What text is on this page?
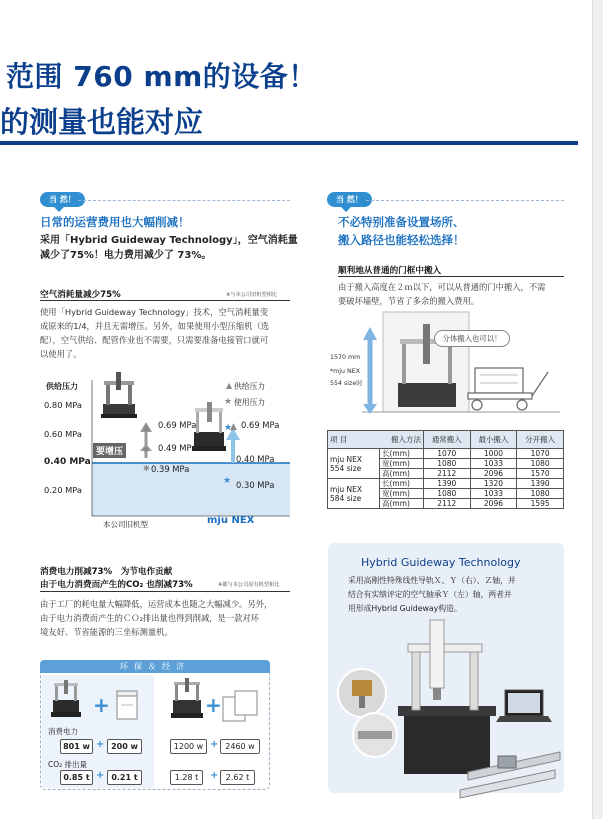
范围 760 mm的设备！
的测量也能对应
当 然！
日常的运营费用也大幅削减！
采用「Hybrid Guideway Technology」，空气消耗量
减少了75%！电力费用减少了 73%。
空气消耗量减少75%	※与本公司旧机型相比
使用「Hybrid Guideway Technology」技术，空气消耗量变
成原来的1/4，并且无需增压。另外，如果使用小型压缩机（选
配），空气供给、配管作业也不需要，只需要准备电接管口就可
以使用了。
供给压力
0.80 MPa
0.60 MPa
0.40 MPa
0.20 MPa
▲
★
✱
▲
★
★
▲
★
供给压力
使用压力
0.69 MPa
0.49 MPa
0.39 MPa
要增压
0.69 MPa
0.40 MPa
0.30 MPa
本公司旧机型	mju NEX
消费电力削减73%　为节电作贡献
由于电力消费而产生的CO₂ 也削减73%	※都与本公司原有机型相比
由于工厂的耗电量大幅降低，运营成本也随之大幅减少。另外，
由于电力消费而产生的ＣＯ₂排出量也得到削减，是一款对环
境友好、节省能源的三坐标测量机。
环保＆经济
+	+
消费电力
801 w + 200 w
CO₂ 排出量
0.85 t + 0.21 t
1200 w + 2460 w
1.28 t	+ 2.62 t
当 然！
不必特别准备设置场所、
搬入路径也能轻松选择！
顺利地从普通的门框中搬入
由于搬入高度在２ｍ以下，可以从普通的门中搬入，不需
要破坏墙壁，节省了多余的搬入费用。
分体搬入也可以！
1570 mm
*mju NEX
554 size时
项 目 搬入方法		通常搬入	最小搬入	分开搬入

mju NEX
554 size	长(mm)	1070	1000	1070
	宽(mm)	1080	1033	1080
	高(mm)	2112	2096	1570

mju NEX
584 size	长(mm)	1390	1320	1390
	宽(mm)	1080	1033	1080
	高(mm)	2112	2096	1595
Hybrid Guideway Technology
采用高刚性特殊线性导轨Ｘ、Ｙ（右）、Ｚ轴，并
结合有实绩评定的空气轴承Ｙ（左）轴，两者并
用形成Hybrid Guideway构造。
